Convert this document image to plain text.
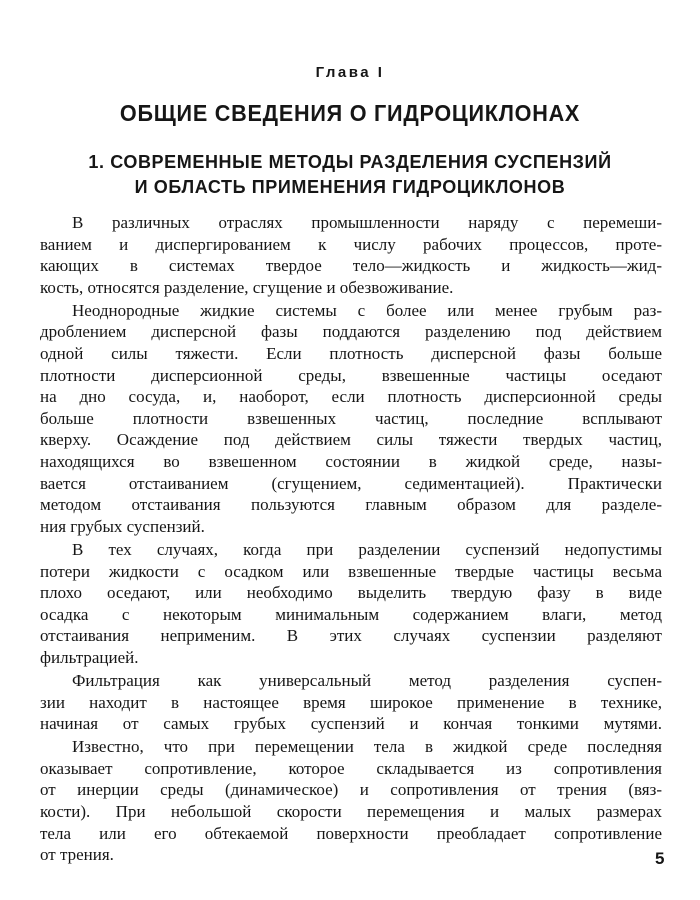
Глава I
ОБЩИЕ СВЕДЕНИЯ О ГИДРОЦИКЛОНАХ
1. СОВРЕМЕННЫЕ МЕТОДЫ РАЗДЕЛЕНИЯ СУСПЕНЗИЙ
И ОБЛАСТЬ ПРИМЕНЕНИЯ ГИДРОЦИКЛОНОВ
В различных отраслях промышленности наряду с перемеши-
ванием и диспергированием к числу рабочих процессов, проте-
кающих в системах твердое тело—жидкость и жидкость—жид-
кость, относятся разделение, сгущение и обезвоживание.
Неоднородные жидкие системы с более или менее грубым раз-
дроблением дисперсной фазы поддаются разделению под действием
одной силы тяжести. Если плотность дисперсной фазы больше
плотности дисперсионной среды, взвешенные частицы оседают
на дно сосуда, и, наоборот, если плотность дисперсионной среды
больше плотности взвешенных частиц, последние всплывают
кверху. Осаждение под действием силы тяжести твердых частиц,
находящихся во взвешенном состоянии в жидкой среде, назы-
вается отстаиванием (сгущением, седиментацией). Практически
методом отстаивания пользуются главным образом для разделе-
ния грубых суспензий.
В тех случаях, когда при разделении суспензий недопустимы
потери жидкости с осадком или взвешенные твердые частицы весьма
плохо оседают, или необходимо выделить твердую фазу в виде
осадка с некоторым минимальным содержанием влаги, метод
отстаивания неприменим. В этих случаях суспензии разделяют
фильтрацией.
Фильтрация как универсальный метод разделения суспен-
зии находит в настоящее время широкое применение в технике,
начиная от самых грубых суспензий и кончая тонкими мутями.
Известно, что при перемещении тела в жидкой среде последняя
оказывает сопротивление, которое складывается из сопротивления
от инерции среды (динамическое) и сопротивления от трения (вяз-
кости). При небольшой скорости перемещения и малых размерах
тела или его обтекаемой поверхности преобладает сопротивление
от трения.	5
